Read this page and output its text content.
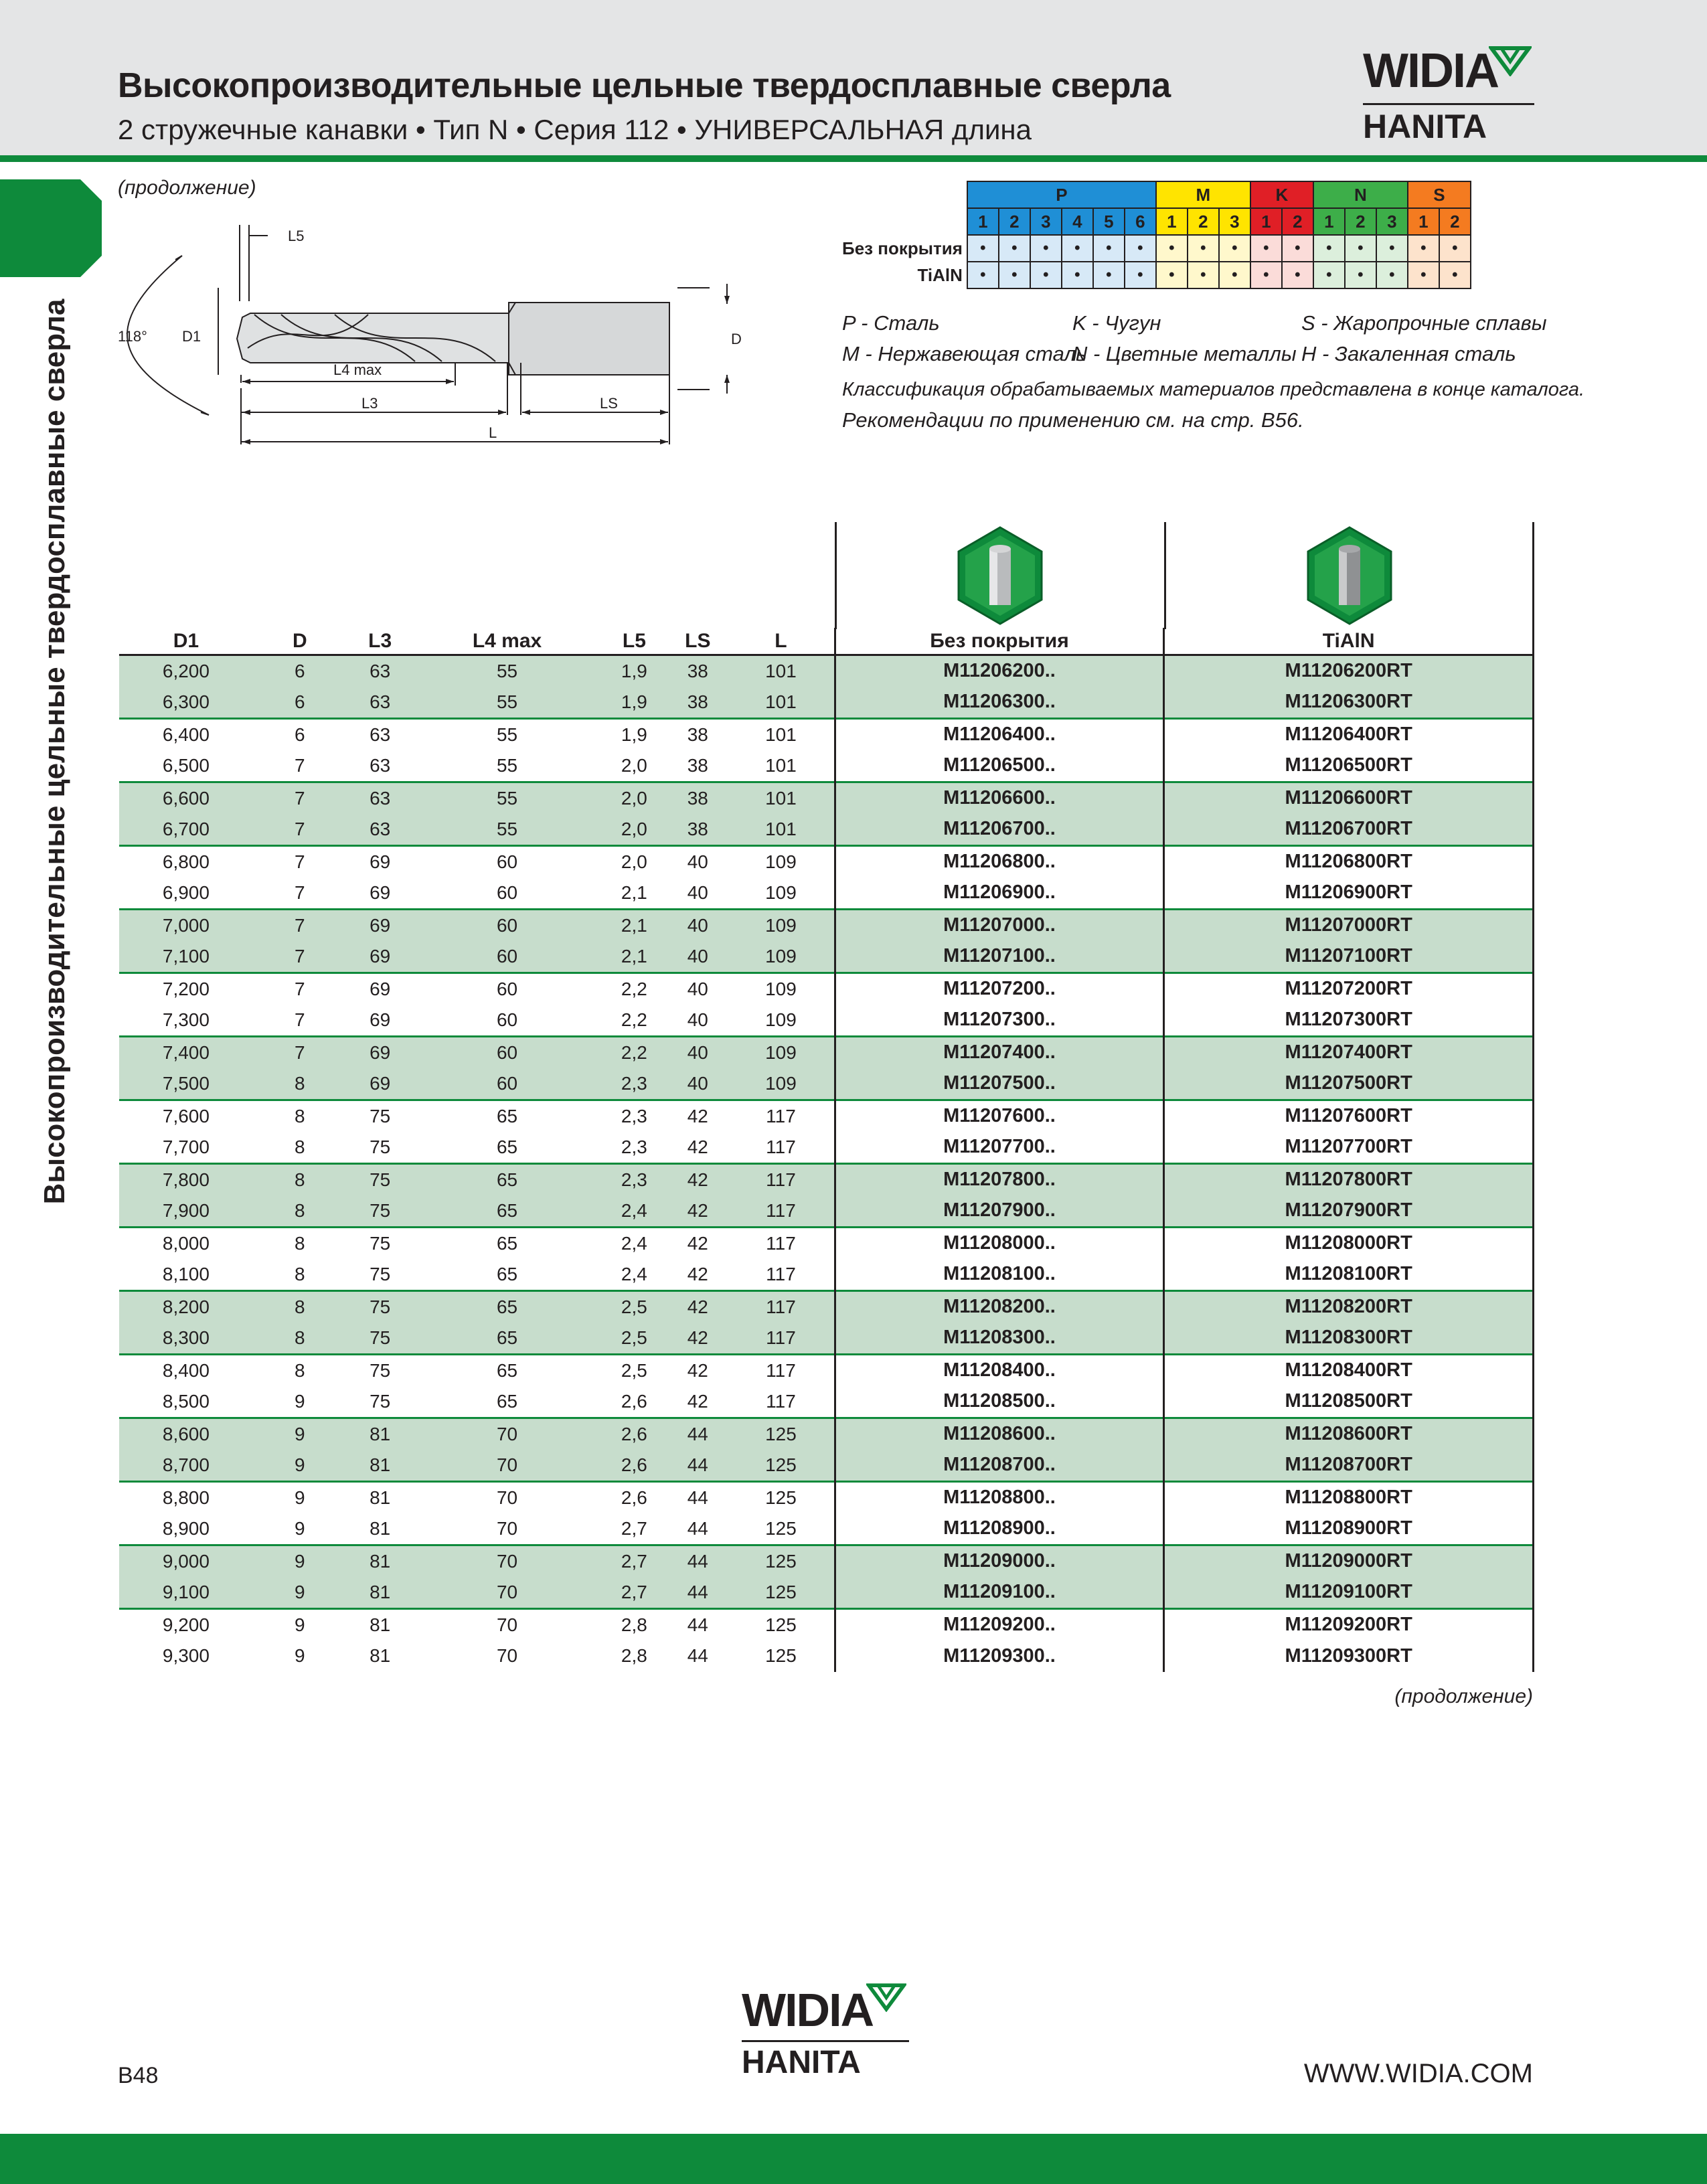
Высокопроизводительные цельные твердосплавные сверла
2 стружечные канавки • Тип N • Серия 112 • УНИВЕРСАЛЬНАЯ длина
WIDIA
HANITA
Высокопроизводительные цельные твердосплавные сверла
(продолжение)
L5
118° D1	D
L4 max
L3	LS
L
	P						M			K		N			S	
	1	2	3	4	5	6	1	2	3	1	2	1	2	3	1	2
Без покрытия	•	•	•	•	•	•	•	•	•	•	•	•	•	•	•	•
TiAlN	•	•	•	•	•	•	•	•	•	•	•	•	•	•	•	•
P - Сталь
M - Нержавеющая сталь
K - Чугун
N - Цветные металлы
S - Жаропрочные сплавы
H - Закаленная сталь
Классификация обрабатываемых материалов представлена в конце каталога.
Рекомендации по применению см. на стр. B56.
D1	D	L3	L4 max	L5	LS	L	Без покрытия	TiAlN
6,200	6	63	55	1,9	38	101	M11206200..	M11206200RT
6,300	6	63	55	1,9	38	101	M11206300..	M11206300RT
6,400	6	63	55	1,9	38	101	M11206400..	M11206400RT
6,500	7	63	55	2,0	38	101	M11206500..	M11206500RT
6,600	7	63	55	2,0	38	101	M11206600..	M11206600RT
6,700	7	63	55	2,0	38	101	M11206700..	M11206700RT
6,800	7	69	60	2,0	40	109	M11206800..	M11206800RT
6,900	7	69	60	2,1	40	109	M11206900..	M11206900RT
7,000	7	69	60	2,1	40	109	M11207000..	M11207000RT
7,100	7	69	60	2,1	40	109	M11207100..	M11207100RT
7,200	7	69	60	2,2	40	109	M11207200..	M11207200RT
7,300	7	69	60	2,2	40	109	M11207300..	M11207300RT
7,400	7	69	60	2,2	40	109	M11207400..	M11207400RT
7,500	8	69	60	2,3	40	109	M11207500..	M11207500RT
7,600	8	75	65	2,3	42	117	M11207600..	M11207600RT
7,700	8	75	65	2,3	42	117	M11207700..	M11207700RT
7,800	8	75	65	2,3	42	117	M11207800..	M11207800RT
7,900	8	75	65	2,4	42	117	M11207900..	M11207900RT
8,000	8	75	65	2,4	42	117	M11208000..	M11208000RT
8,100	8	75	65	2,4	42	117	M11208100..	M11208100RT
8,200	8	75	65	2,5	42	117	M11208200..	M11208200RT
8,300	8	75	65	2,5	42	117	M11208300..	M11208300RT
8,400	8	75	65	2,5	42	117	M11208400..	M11208400RT
8,500	9	75	65	2,6	42	117	M11208500..	M11208500RT
8,600	9	81	70	2,6	44	125	M11208600..	M11208600RT
8,700	9	81	70	2,6	44	125	M11208700..	M11208700RT
8,800	9	81	70	2,6	44	125	M11208800..	M11208800RT
8,900	9	81	70	2,7	44	125	M11208900..	M11208900RT
9,000	9	81	70	2,7	44	125	M11209000..	M11209000RT
9,100	9	81	70	2,7	44	125	M11209100..	M11209100RT
9,200	9	81	70	2,8	44	125	M11209200..	M11209200RT
9,300	9	81	70	2,8	44	125	M11209300..	M11209300RT
(продолжение)
WIDIA
HANITA
B48	WWW.WIDIA.COM
